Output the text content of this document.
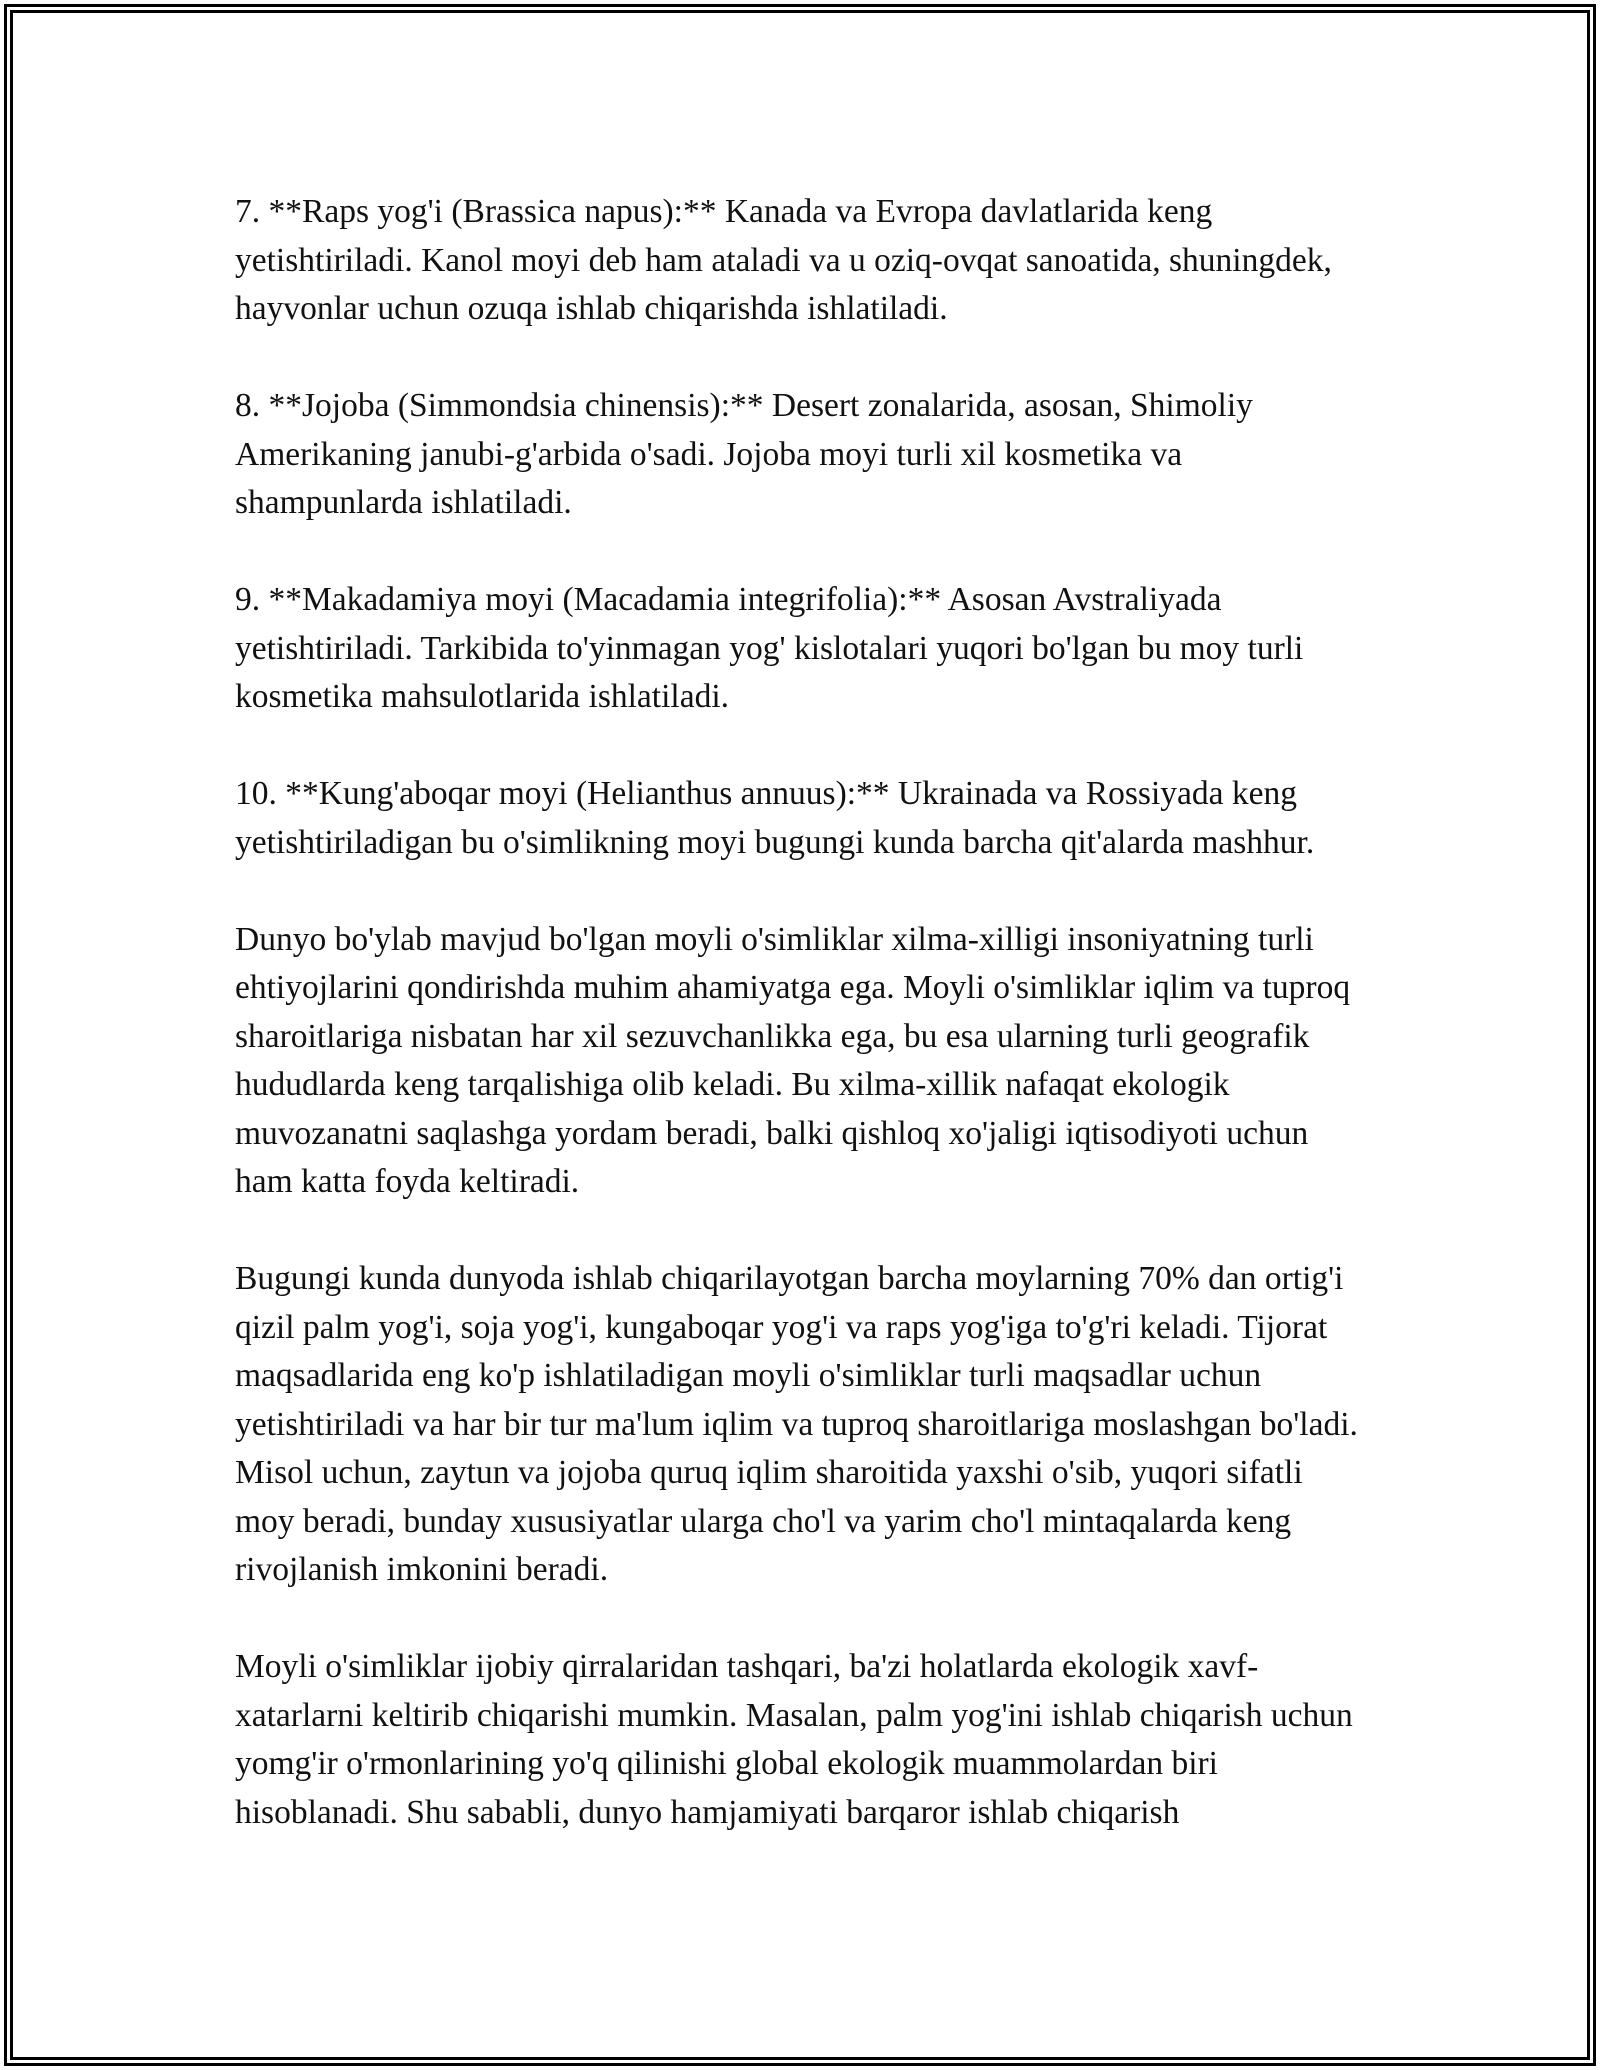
7. **Raps yog'i (Brassica napus):** Kanada va Evropa davlatlarida keng yetishtiriladi. Kanol moyi deb ham ataladi va u oziq-ovqat sanoatida, shuningdek, hayvonlar uchun ozuqa ishlab chiqarishda ishlatiladi.

8. **Jojoba (Simmondsia chinensis):** Desert zonalarida, asosan, Shimoliy Amerikaning janubi-g'arbida o'sadi. Jojoba moyi turli xil kosmetika va shampunlarda ishlatiladi.

9. **Makadamiya moyi (Macadamia integrifolia):** Asosan Avstraliyada yetishtiriladi. Tarkibida to'yinmagan yog' kislotalari yuqori bo'lgan bu moy turli kosmetika mahsulotlarida ishlatiladi.

10. **Kung'aboqar moyi (Helianthus annuus):** Ukrainada va Rossiyada keng yetishtiriladigan bu o'simlikning moyi bugungi kunda barcha qit'alarda mashhur.

Dunyo bo'ylab mavjud bo'lgan moyli o'simliklar xilma-xilligi insoniyatning turli ehtiyojlarini qondirishda muhim ahamiyatga ega. Moyli o'simliklar iqlim va tuproq sharoitlariga nisbatan har xil sezuvchanlikka ega, bu esa ularning turli geografik hududlarda keng tarqalishiga olib keladi. Bu xilma-xillik nafaqat ekologik muvozanatni saqlashga yordam beradi, balki qishloq xo'jaligi iqtisodiyoti uchun ham katta foyda keltiradi.

Bugungi kunda dunyoda ishlab chiqarilayotgan barcha moylarning 70% dan ortig'i qizil palm yog'i, soja yog'i, kungaboqar yog'i va raps yog'iga to'g'ri keladi. Tijorat maqsadlarida eng ko'p ishlatiladigan moyli o'simliklar turli maqsadlar uchun yetishtiriladi va har bir tur ma'lum iqlim va tuproq sharoitlariga moslashgan bo'ladi. Misol uchun, zaytun va jojoba quruq iqlim sharoitida yaxshi o'sib, yuqori sifatli moy beradi, bunday xususiyatlar ularga cho'l va yarim cho'l mintaqalarda keng rivojlanish imkonini beradi.

Moyli o'simliklar ijobiy qirralaridan tashqari, ba'zi holatlarda ekologik xavf-xatarlarni keltirib chiqarishi mumkin. Masalan, palm yog'ini ishlab chiqarish uchun yomg'ir o'rmonlarining yo'q qilinishi global ekologik muammolardan biri hisoblanadi. Shu sababli, dunyo hamjamiyati barqaror ishlab chiqarish
